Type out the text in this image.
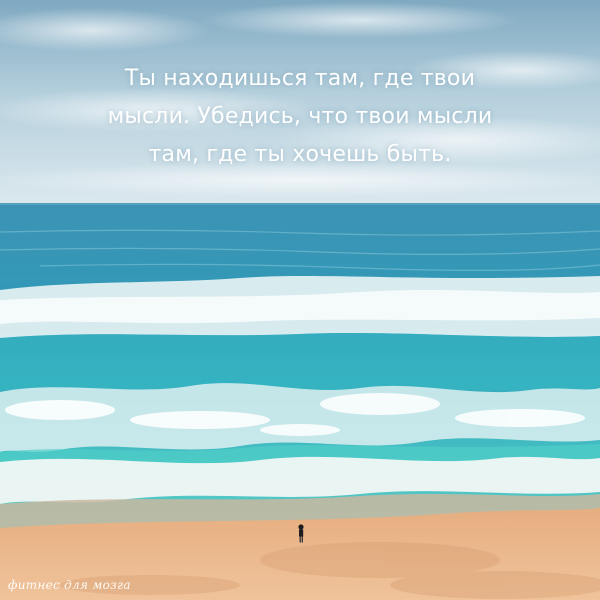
Ты находишься там, где твои
мысли. Убедись, что твои мысли
там, где ты хочешь быть.
фитнес для мозга
